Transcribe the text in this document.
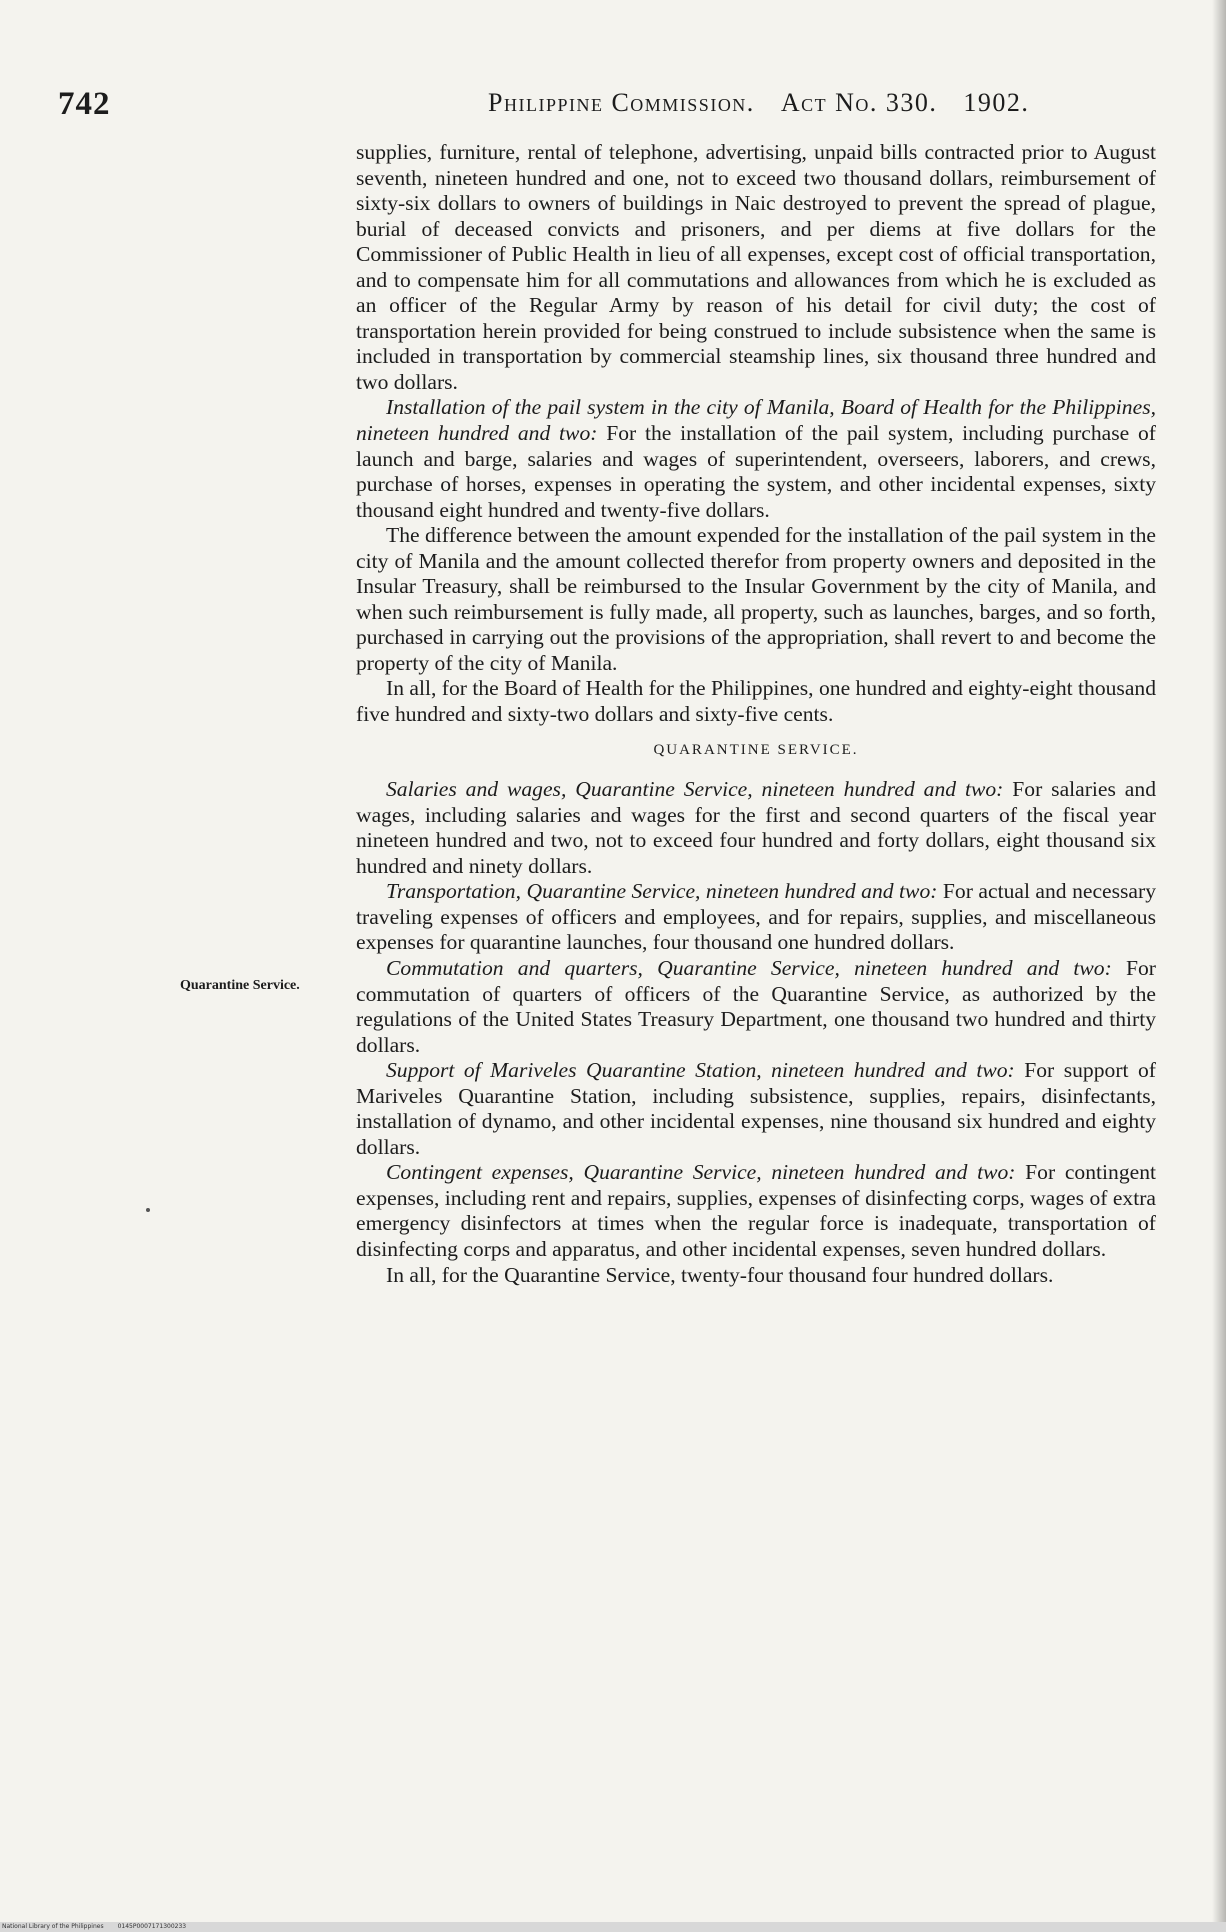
742	Philippine Commission. Act No. 330. 1902.
Quarantine Service.

supplies, furniture, rental of telephone, advertising, unpaid bills contracted prior to August seventh, nineteen hundred and one, not to exceed two thousand dollars, reimbursement of sixty-six dollars to owners of buildings in Naic destroyed to prevent the spread of plague, burial of deceased convicts and prisoners, and per diems at five dollars for the Commissioner of Public Health in lieu of all expenses, except cost of official transportation, and to compensate him for all commutations and allowances from which he is excluded as an officer of the Regular Army by reason of his detail for civil duty; the cost of transportation herein provided for being construed to include subsistence when the same is included in transportation by commercial steamship lines, six thousand three hundred and two dollars.

Installation of the pail system in the city of Manila, Board of Health for the Philippines, nineteen hundred and two: For the installation of the pail system, including purchase of launch and barge, salaries and wages of superintendent, overseers, laborers, and crews, purchase of horses, expenses in operating the system, and other incidental expenses, sixty thousand eight hundred and twenty-five dollars.

The difference between the amount expended for the installation of the pail system in the city of Manila and the amount collected therefor from property owners and deposited in the Insular Treasury, shall be reimbursed to the Insular Government by the city of Manila, and when such reimbursement is fully made, all property, such as launches, barges, and so forth, purchased in carrying out the provisions of the appropriation, shall revert to and become the property of the city of Manila.

In all, for the Board of Health for the Philippines, one hundred and eighty-eight thousand five hundred and sixty-two dollars and sixty-five cents.

QUARANTINE SERVICE.

Salaries and wages, Quarantine Service, nineteen hundred and two: For salaries and wages, including salaries and wages for the first and second quarters of the fiscal year nineteen hundred and two, not to exceed four hundred and forty dollars, eight thousand six hundred and ninety dollars.

Transportation, Quarantine Service, nineteen hundred and two: For actual and necessary traveling expenses of officers and employees, and for repairs, supplies, and miscellaneous expenses for quarantine launches, four thousand one hundred dollars.

Commutation and quarters, Quarantine Service, nineteen hundred and two: For commutation of quarters of officers of the Quarantine Service, as authorized by the regulations of the United States Treasury Department, one thousand two hundred and thirty dollars.

Support of Mariveles Quarantine Station, nineteen hundred and two: For support of Mariveles Quarantine Station, including subsistence, supplies, repairs, disinfectants, installation of dynamo, and other incidental expenses, nine thousand six hundred and eighty dollars.

Contingent expenses, Quarantine Service, nineteen hundred and two: For contingent expenses, including rent and repairs, supplies, expenses of disinfecting corps, wages of extra emergency disinfectors at times when the regular force is inadequate, transportation of disinfecting corps and apparatus, and other incidental expenses, seven hundred dollars.

In all, for the Quarantine Service, twenty-four thousand four hundred dollars.

National Library of the Philippines 0145P0007171300233
